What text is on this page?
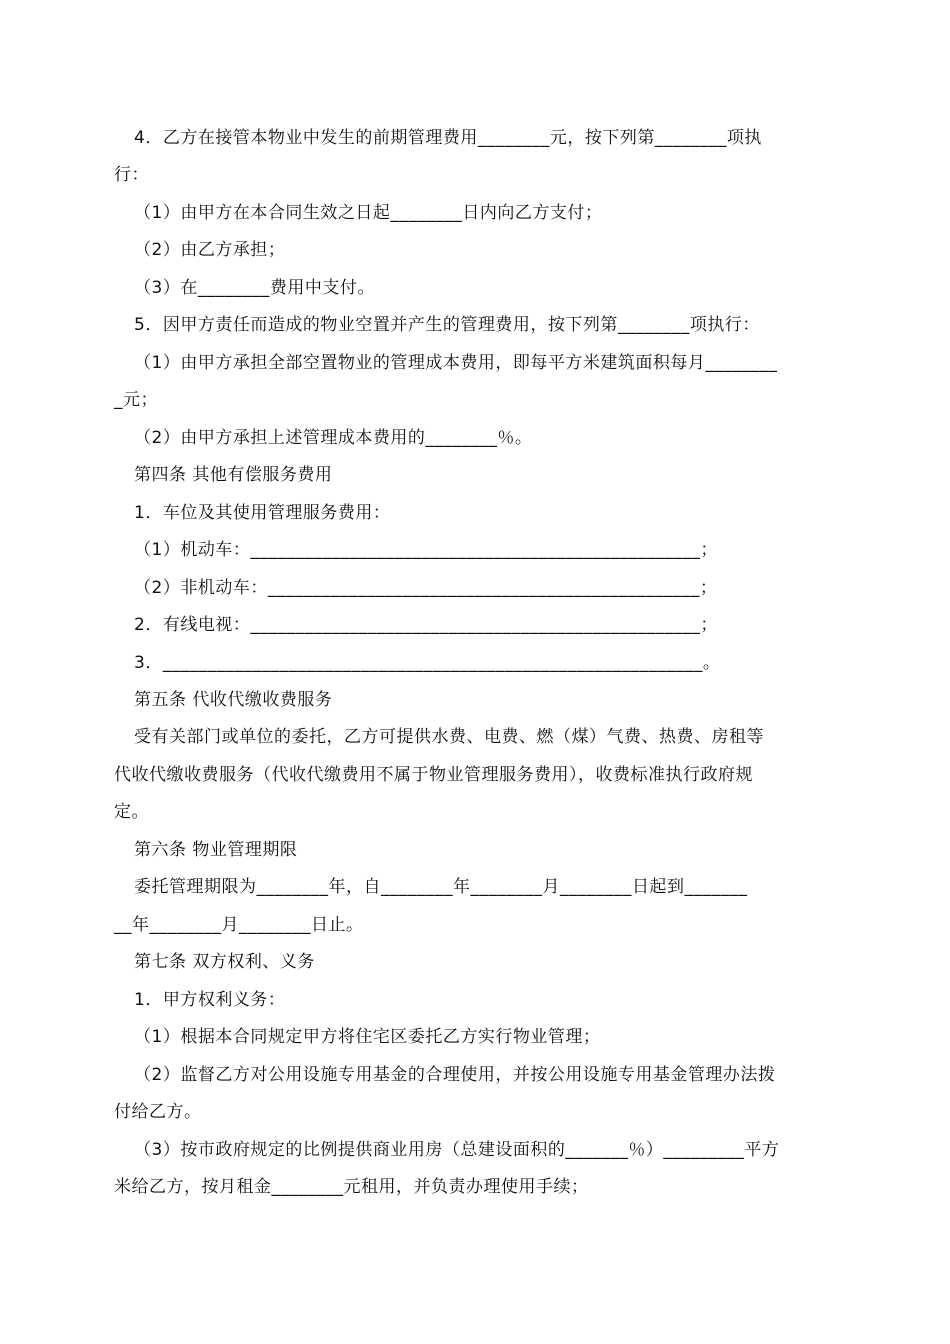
4．乙方在接管本物业中发生的前期管理费用________元，按下列第________项执

行：

（1）由甲方在本合同生效之日起________日内向乙方支付；

（2）由乙方承担；

（3）在________费用中支付。

5．因甲方责任而造成的物业空置并产生的管理费用，按下列第________项执行：

（1）由甲方承担全部空置物业的管理成本费用，即每平方米建筑面积每月________

_元；

（2）由甲方承担上述管理成本费用的________％。

第四条 其他有偿服务费用

1．车位及其使用管理服务费用：

（1）机动车：__________________________________________________；

（2）非机动车：________________________________________________；

2．有线电视：__________________________________________________；

3．____________________________________________________________。

第五条 代收代缴收费服务

受有关部门或单位的委托，乙方可提供水费、电费、燃（煤）气费、热费、房租等

代收代缴收费服务（代收代缴费用不属于物业管理服务费用），收费标准执行政府规

定。

第六条 物业管理期限

委托管理期限为________年，自________年________月________日起到_______

__年________月________日止。

第七条 双方权利、义务

1．甲方权利义务：

（1）根据本合同规定甲方将住宅区委托乙方实行物业管理；

（2）监督乙方对公用设施专用基金的合理使用，并按公用设施专用基金管理办法拨

付给乙方。

（3）按市政府规定的比例提供商业用房（总建设面积的_______％）_________平方

米给乙方，按月租金________元租用，并负责办理使用手续；
